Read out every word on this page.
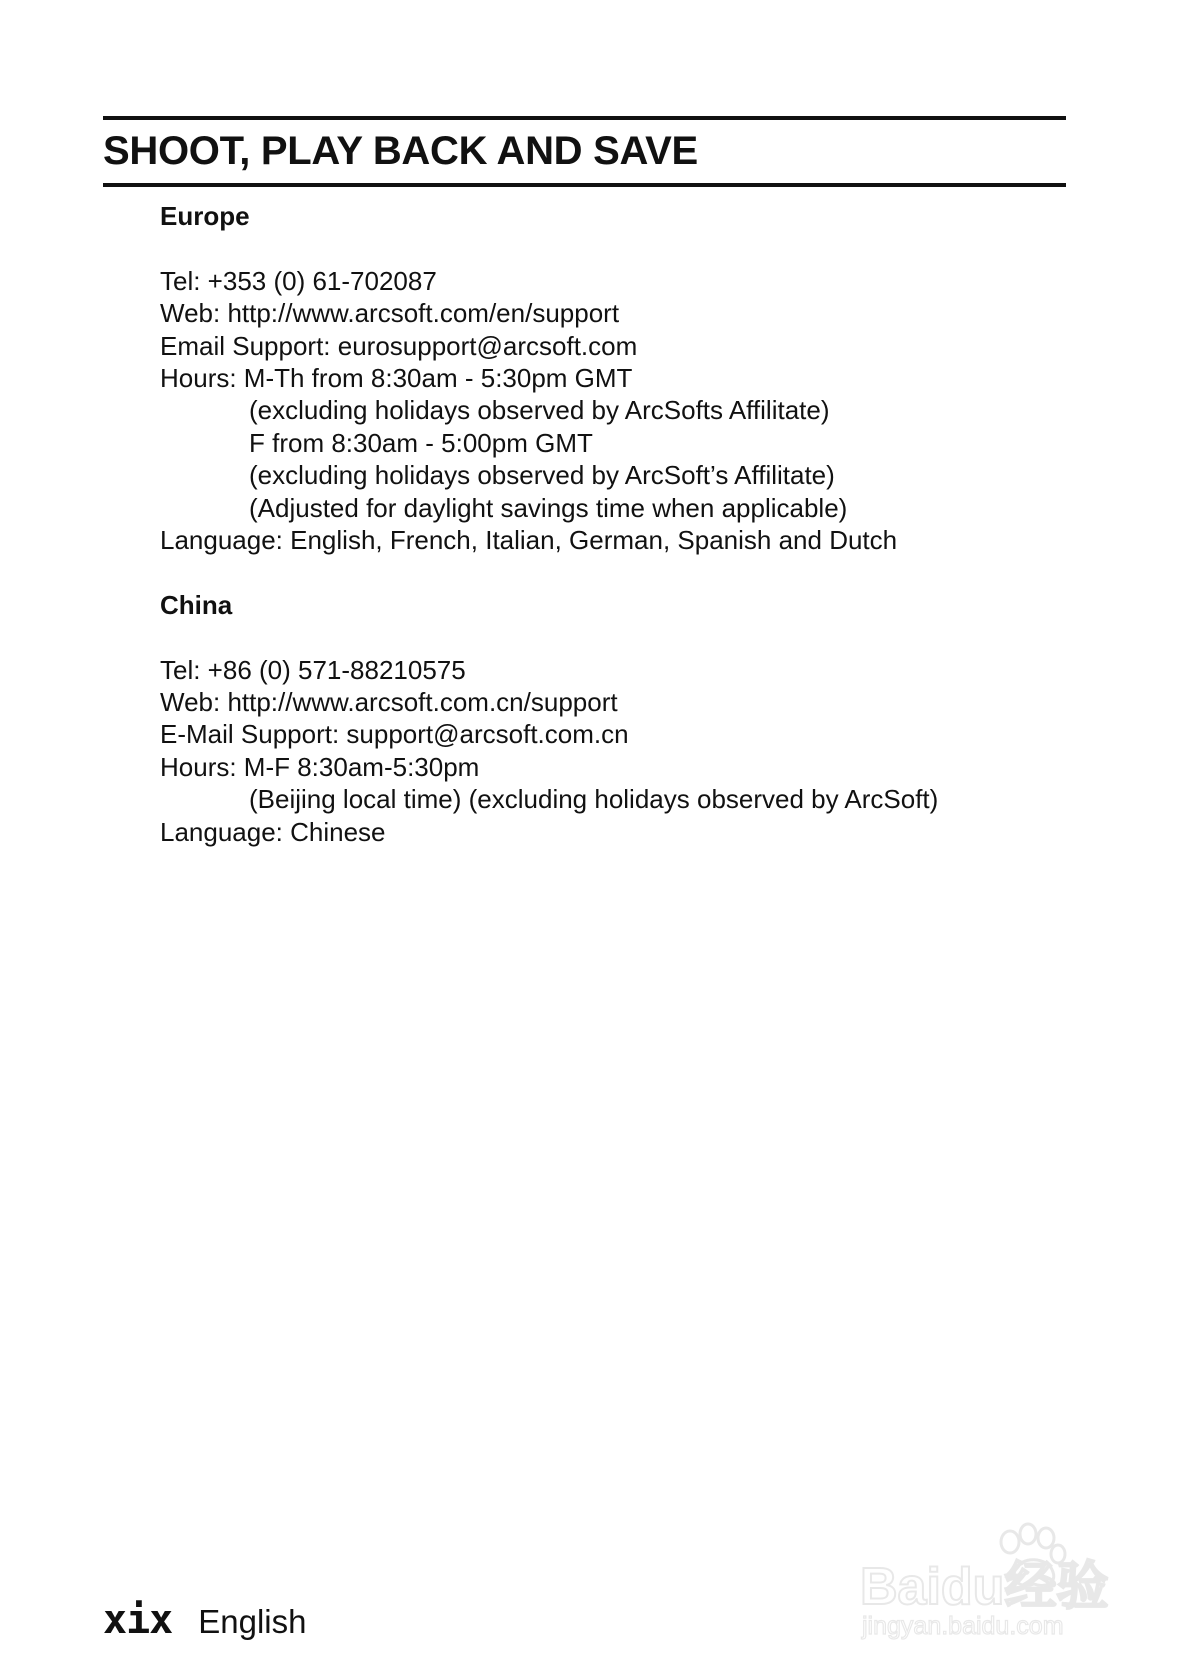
SHOOT, PLAY BACK AND SAVE

Europe

Tel: +353 (0) 61-702087

Web: http://www.arcsoft.com/en/support

Email Support: eurosupport@arcsoft.com

Hours: M-Th from 8:30am - 5:30pm GMT

(excluding holidays observed by ArcSofts Affilitate)

F from 8:30am - 5:00pm GMT

(excluding holidays observed by ArcSoft’s Affilitate)

(Adjusted for daylight savings time when applicable)

Language: English, French, Italian, German, Spanish and Dutch

China

Tel: +86 (0) 571-88210575

Web: http://www.arcsoft.com.cn/support

E-Mail Support: support@arcsoft.com.cn

Hours: M-F 8:30am-5:30pm

(Beijing local time) (excluding holidays observed by ArcSoft)

Language: Chinese

xix English
Baidu经验
jingyan.baidu.com
